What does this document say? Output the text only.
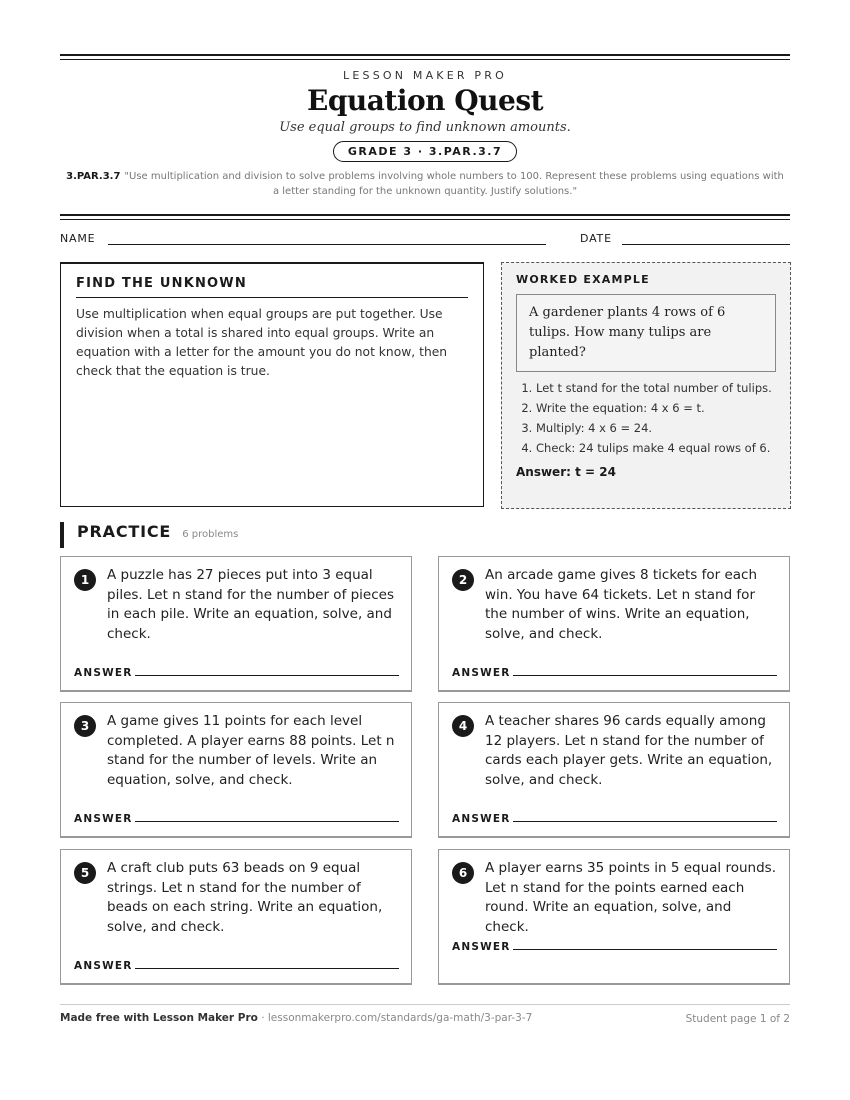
LESSON MAKER PRO
Equation Quest
Use equal groups to find unknown amounts.
GRADE 3 · 3.PAR.3.7
3.PAR.3.7 "Use multiplication and division to solve problems involving whole numbers to 100. Represent these problems using equations with a letter standing for the unknown quantity. Justify solutions."
NAME	DATE
FIND THE UNKNOWN

Use multiplication when equal groups are put together. Use division when a total is shared into equal groups. Write an equation with a letter for the amount you do not know, then check that the equation is true.

WORKED EXAMPLE
A gardener plants 4 rows of 6 tulips. How many tulips are planted?
1. Let t stand for the total number of tulips.
2. Write the equation: 4 x 6 = t.
3. Multiply: 4 x 6 = 24.
4. Check: 24 tulips make 4 equal rows of 6.
Answer: t = 24
PRACTICE 6 problems
1	A puzzle has 27 pieces put into 3 equal piles. Let n stand for the number of pieces in each pile. Write an equation, solve, and check.
ANSWER
2	An arcade game gives 8 tickets for each win. You have 64 tickets. Let n stand for the number of wins. Write an equation, solve, and check.
ANSWER
3	A game gives 11 points for each level completed. A player earns 88 points. Let n stand for the number of levels. Write an equation, solve, and check.
ANSWER
4	A teacher shares 96 cards equally among 12 players. Let n stand for the number of cards each player gets. Write an equation, solve, and check.
ANSWER
5	A craft club puts 63 beads on 9 equal strings. Let n stand for the number of beads on each string. Write an equation, solve, and check.
ANSWER
6	A player earns 35 points in 5 equal rounds. Let n stand for the points earned each round. Write an equation, solve, and check.
ANSWER
Made free with Lesson Maker Pro · lessonmakerpro.com/standards/ga-math/3-par-3-7	Student page 1 of 2
